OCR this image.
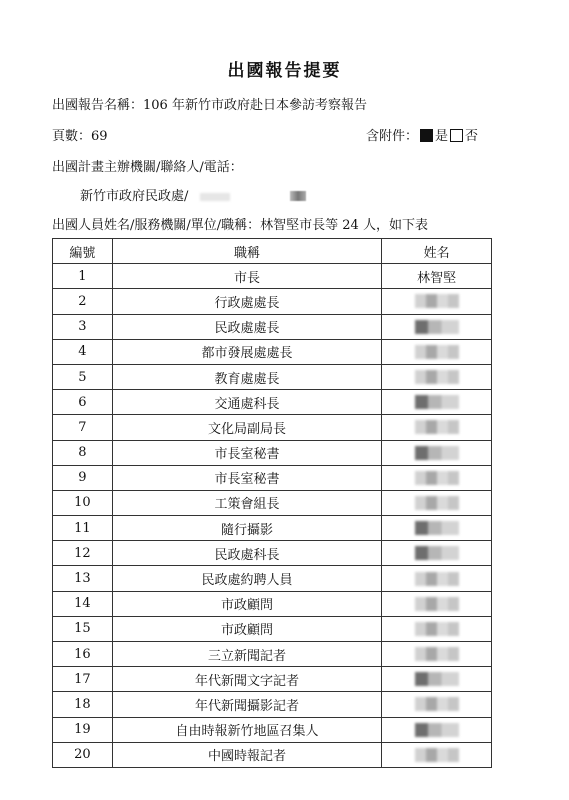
出國報告提要
出國報告名稱：106 年新竹市政府赴日本參訪考察報告
頁數：69	含附件： 是 否
出國計畫主辦機關/聯絡人/電話：
新竹市政府民政處/
出國人員姓名/服務機關/單位/職稱：林智堅市長等 24 人，如下表
編號	職稱	姓名
1	市長	林智堅
2	行政處處長	
3	民政處處長	
4	都市發展處處長	
5	教育處處長	
6	交通處科長	
7	文化局副局長	
8	市長室秘書	
9	市長室秘書	
10	工策會組長	
11	隨行攝影	
12	民政處科長	
13	民政處約聘人員	
14	市政顧問	
15	市政顧問	
16	三立新聞記者	
17	年代新聞文字記者	
18	年代新聞攝影記者	
19	自由時報新竹地區召集人	
20	中國時報記者	
